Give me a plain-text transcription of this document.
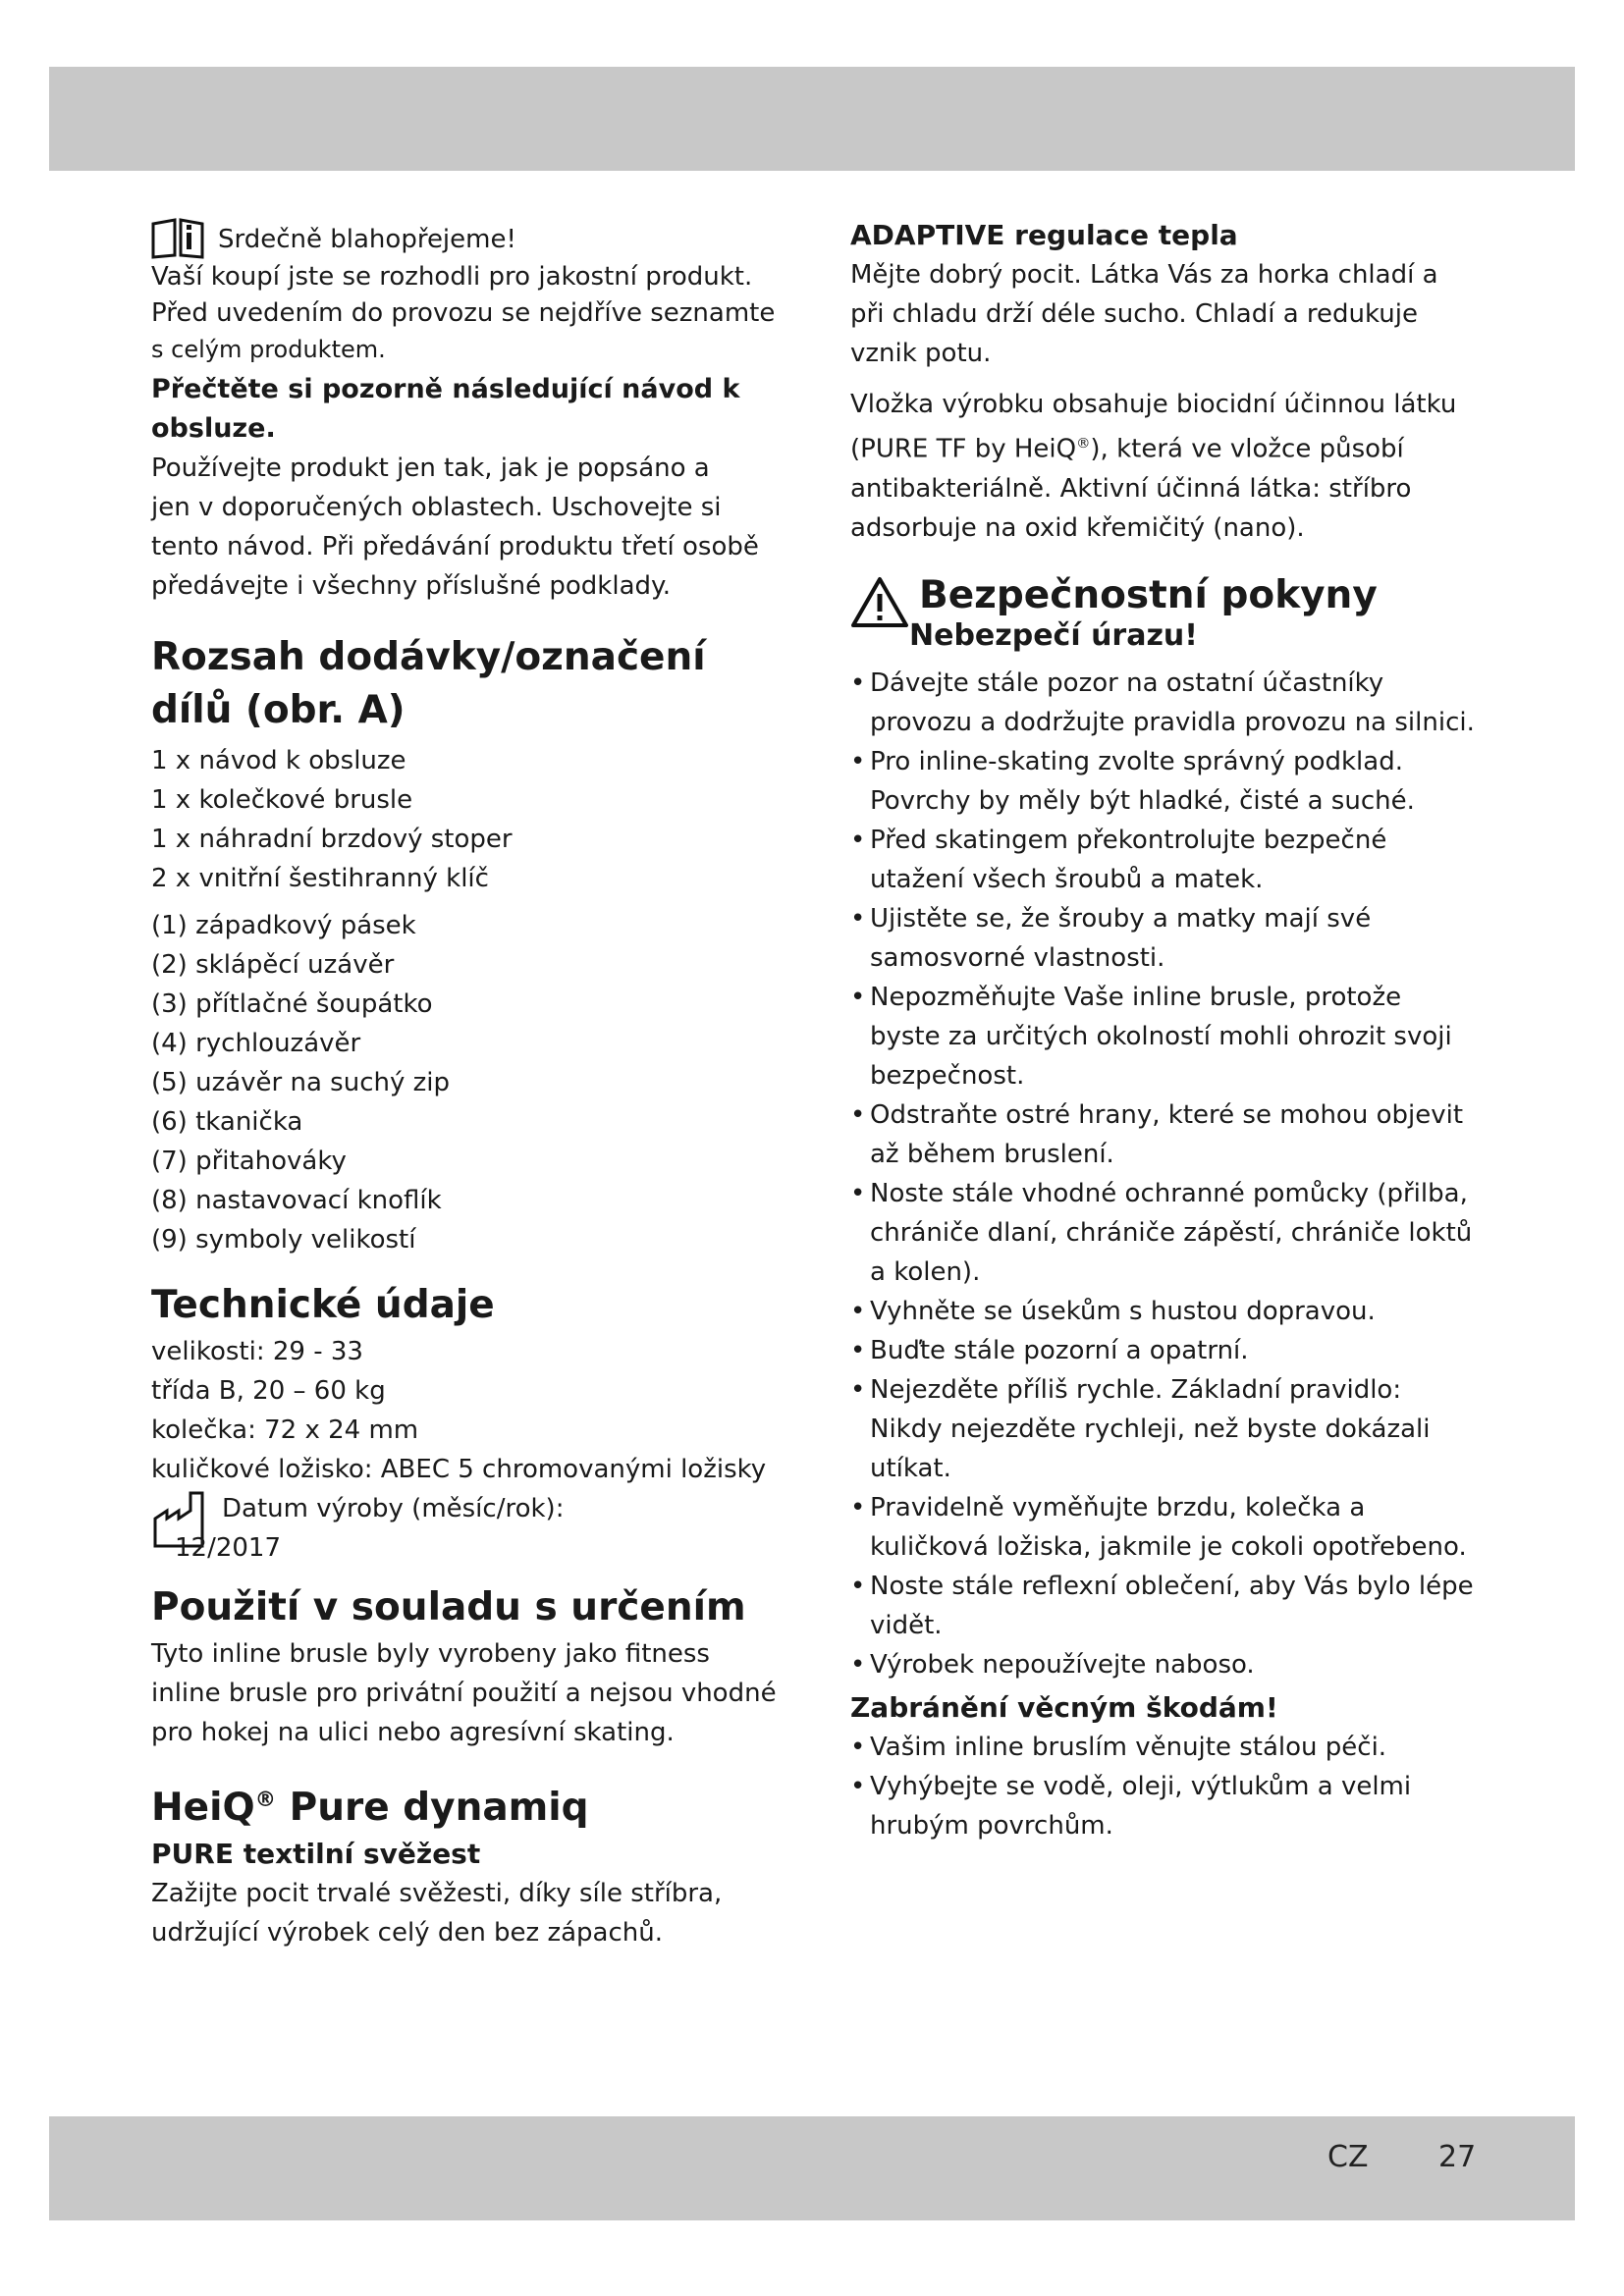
Srdečně blahopřejeme!

Vaší koupí jste se rozhodli pro jakostní produkt.

Před uvedením do provozu se nejdříve seznamte

s celým produktem.

Přečtěte si pozorně následující návod k

obsluze.

Používejte produkt jen tak, jak je popsáno a

jen v doporučených oblastech. Uschovejte si

tento návod. Při předávání produktu třetí osobě

předávejte i všechny příslušné podklady.

Rozsah dodávky/označení
dílů (obr. A)
1 x návod k obsluze
1 x kolečkové brusle
1 x náhradní brzdový stoper
2 x vnitřní šestihranný klíč
(1) západkový pásek
(2) sklápěcí uzávěr
(3) přítlačné šoupátko
(4) rychlouzávěr
(5) uzávěr na suchý zip
(6) tkanička
(7) přitahováky
(8) nastavovací knoflík
(9) symboly velikostí
Technické údaje
velikosti: 29 - 33
třída B, 20 – 60 kg
kolečka: 72 x 24 mm
kuličkové ložisko: ABEC 5 chromovanými ložisky

Datum výroby (měsíc/rok):

12/2017

Použití v souladu s určením

Tyto inline brusle byly vyrobeny jako fitness

inline brusle pro privátní použití a nejsou vhodné

pro hokej na ulici nebo agresívní skating.

HeiQ® Pure dynamiq

PURE textilní svěžest

Zažijte pocit trvalé svěžesti, díky síle stříbra,

udržující výrobek celý den bez zápachů.

ADAPTIVE regulace tepla

Mějte dobrý pocit. Látka Vás za horka chladí a

při chladu drží déle sucho. Chladí a redukuje

vznik potu.

Vložka výrobku obsahuje biocidní účinnou látku

(PURE TF by HeiQ®), která ve vložce působí

antibakteriálně. Aktivní účinná látka: stříbro

adsorbuje na oxid křemičitý (nano).

Bezpečnostní pokyny

Nebezpečí úrazu!

• Dávejte stále pozor na ostatní účastníky provozu a dodržujte pravidla provozu na silnici.
• Pro inline-skating zvolte správný podklad. Povrchy by měly být hladké, čisté a suché.
• Před skatingem překontrolujte bezpečné utažení všech šroubů a matek.
• Ujistěte se, že šrouby a matky mají své samosvorné vlastnosti.
• Nepozměňujte Vaše inline brusle, protože byste za určitých okolností mohli ohrozit svoji bezpečnost.
• Odstraňte ostré hrany, které se mohou objevit až během bruslení.
• Noste stále vhodné ochranné pomůcky (přilba, chrániče dlaní, chrániče zápěstí, chrániče loktů a kolen).
• Vyhněte se úsekům s hustou dopravou.
• Buďte stále pozorní a opatrní.
• Nejezděte příliš rychle. Základní pravidlo: Nikdy nejezděte rychleji, než byste dokázali utíkat.
• Pravidelně vyměňujte brzdu, kolečka a kuličková ložiska, jakmile je cokoli opotřebeno.
• Noste stále reflexní oblečení, aby Vás bylo lépe vidět.
• Výrobek nepoužívejte naboso.

Zabránění věcným škodám!

• Vašim inline bruslím věnujte stálou péči.
• Vyhýbejte se vodě, oleji, výtlukům a velmi hrubým povrchům.
CZ 27
